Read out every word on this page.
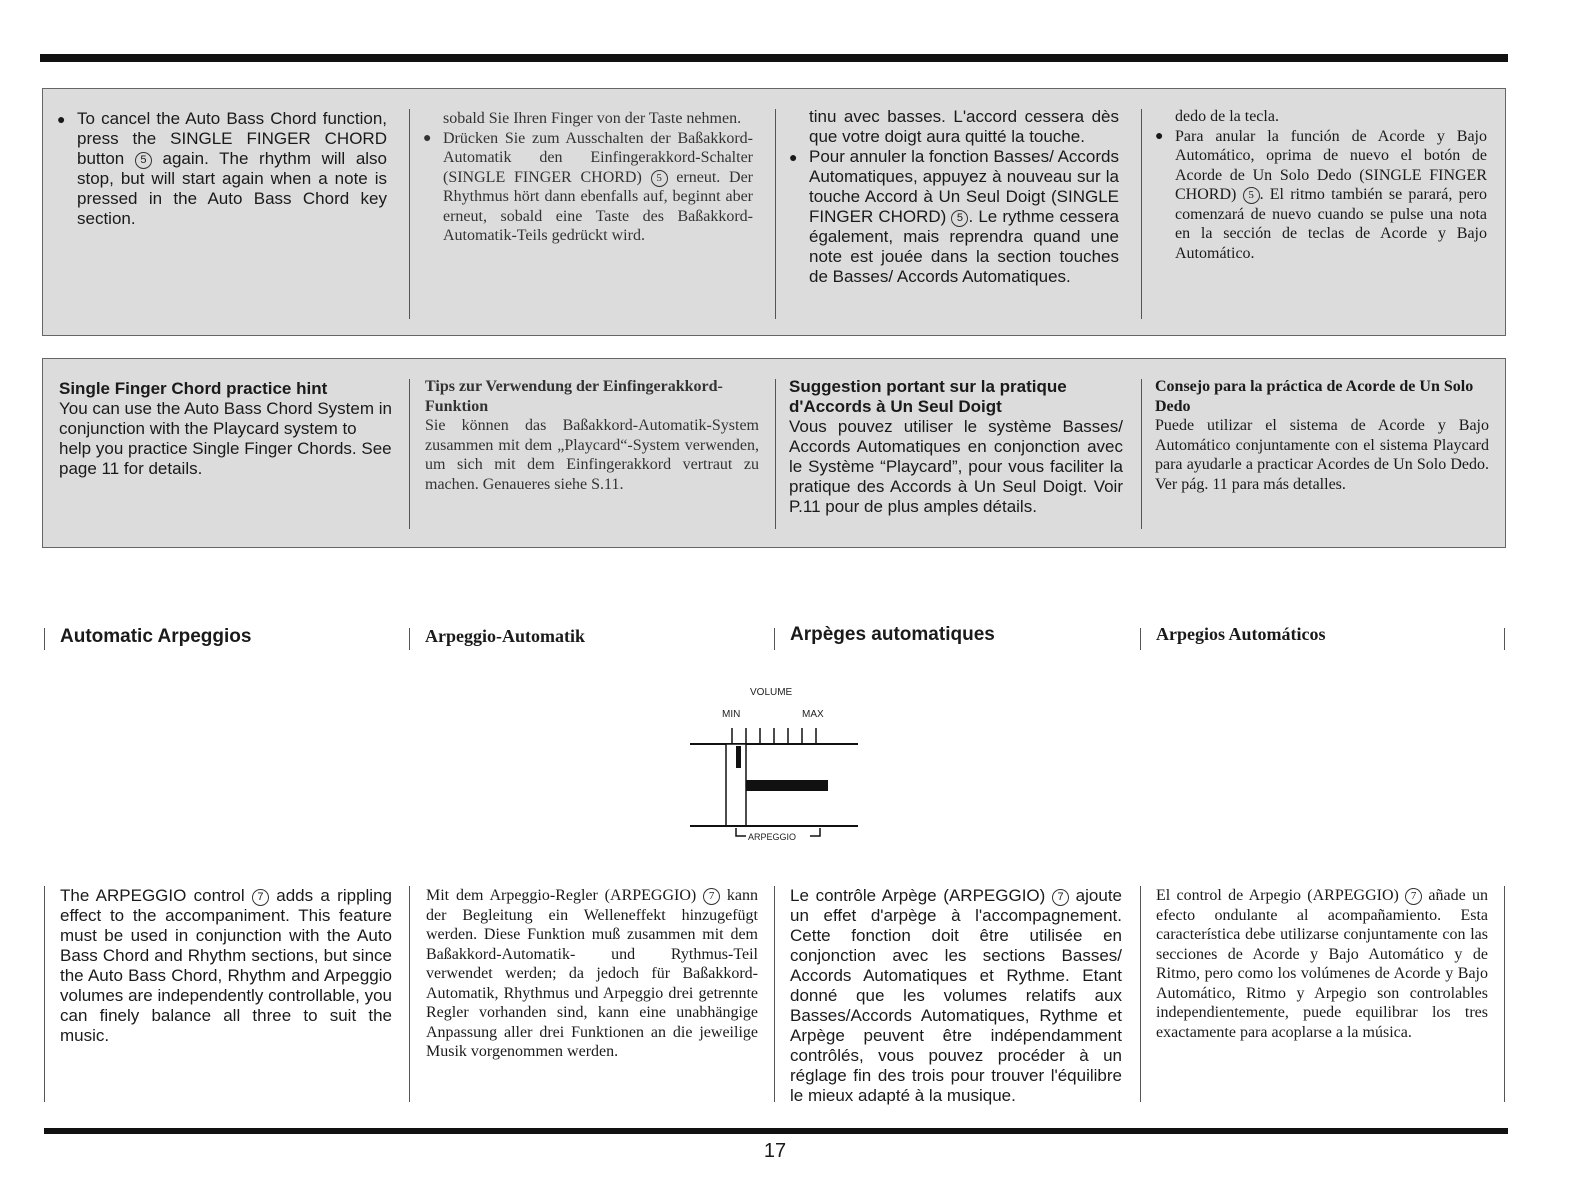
● To cancel the Auto Bass Chord function, press the SINGLE FINGER CHORD button 5 again. The rhythm will also stop, but will start again when a note is pressed in the Auto Bass Chord key section.
sobald Sie Ihren Finger von der Taste nehmen.
● Drücken Sie zum Ausschalten der Baßakkord-Automatik den Einfingerakkord-Schalter (SINGLE FINGER CHORD) 5 erneut. Der Rhythmus hört dann ebenfalls auf, beginnt aber erneut, sobald eine Taste des Baßakkord-Automatik-Teils gedrückt wird.
tinu avec basses. L'accord cessera dès que votre doigt aura quitté la touche.
● Pour annuler la fonction Basses/ Accords Automatiques, appuyez à nouveau sur la touche Accord à Un Seul Doigt (SINGLE FINGER CHORD) 5 . Le rythme cessera également, mais reprendra quand une note est jouée dans la section touches de Basses/ Accords Automatiques.
dedo de la tecla.
● Para anular la función de Acorde y Bajo Automático, oprima de nuevo el botón de Acorde de Un Solo Dedo (SINGLE FINGER CHORD) 5 . El ritmo también se parará, pero comenzará de nuevo cuando se pulse una nota en la sección de teclas de Acorde y Bajo Automático.
Single Finger Chord practice hint
You can use the Auto Bass Chord System in conjunction with the Playcard system to help you practice Single Finger Chords. See page 11 for details.
Tips zur Verwendung der Einfingerakkord-Funktion
Sie können das Baßakkord-Automatik-System zusammen mit dem „Playcard“-System verwenden, um sich mit dem Einfingerakkord vertraut zu machen. Genaueres siehe S.11.
Suggestion portant sur la pratique d'Accords à Un Seul Doigt
Vous pouvez utiliser le système Basses/ Accords Automatiques en conjonction avec le Système “Playcard”, pour vous faciliter la pratique des Accords à Un Seul Doigt. Voir P.11 pour de plus amples détails.
Consejo para la práctica de Acorde de Un Solo Dedo
Puede utilizar el sistema de Acorde y Bajo Automático conjuntamente con el sistema Playcard para ayudarle a practicar Acordes de Un Solo Dedo. Ver pág. 11 para más detalles.
Automatic Arpeggios	Arpeggio-Automatik	Arpèges automatiques	Arpegios Automáticos
VOLUME
MIN	MAX
ARPEGGIO
The ARPEGGIO control 7 adds a rippling effect to the accompaniment. This feature must be used in conjunction with the Auto Bass Chord and Rhythm sections, but since the Auto Bass Chord, Rhythm and Arpeggio volumes are independently controllable, you can finely balance all three to suit the music.
Mit dem Arpeggio-Regler (ARPEGGIO) 7 kann der Begleitung ein Welleneffekt hinzugefügt werden. Diese Funktion muß zusammen mit dem Baßakkord-Automatik- und Rythmus-Teil verwendet werden; da jedoch für Baßakkord-Automatik, Rhythmus und Arpeggio drei getrennte Regler vorhanden sind, kann eine unabhängige Anpassung aller drei Funktionen an die jeweilige Musik vorgenommen werden.
Le contrôle Arpège (ARPEGGIO) 7 ajoute un effet d'arpège à l'accompagnement. Cette fonction doit être utilisée en conjonction avec les sections Basses/ Accords Automatiques et Rythme. Etant donné que les volumes relatifs aux Basses/Accords Automatiques, Rythme et Arpège peuvent être indépendamment contrôlés, vous pouvez procéder à un réglage fin des trois pour trouver l'équilibre le mieux adapté à la musique.
El control de Arpegio (ARPEGGIO) 7 añade un efecto ondulante al acompañamiento. Esta característica debe utilizarse conjuntamente con las secciones de Acorde y Bajo Automático y de Ritmo, pero como los volúmenes de Acorde y Bajo Automático, Ritmo y Arpegio son controlables independientemente, puede equilibrar los tres exactamente para acoplarse a la música.
17
